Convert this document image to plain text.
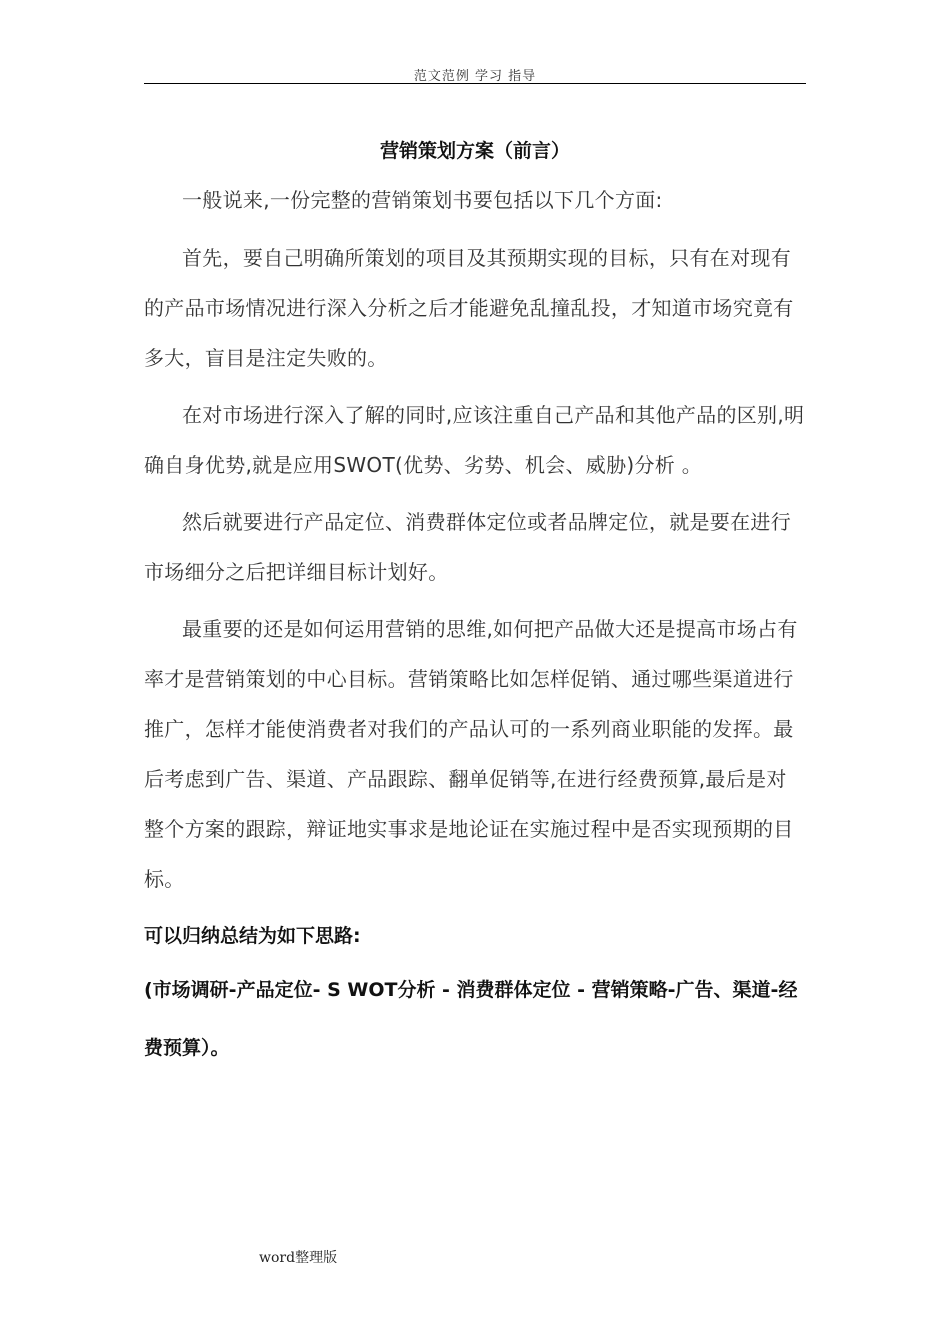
范文范例 学习 指导
营销策划方案（前言）

一般说来,一份完整的营销策划书要包括以下几个方面:

首先，要自己明确所策划的项目及其预期实现的目标，只有在对现有的产品市场情况进行深入分析之后才能避免乱撞乱投，才知道市场究竟有多大，盲目是注定失败的。

在对市场进行深入了解的同时,应该注重自己产品和其他产品的区别,明确自身优势,就是应用SWOT(优势、劣势、机会、威胁)分析 。

然后就要进行产品定位、消费群体定位或者品牌定位，就是要在进行市场细分之后把详细目标计划好。

最重要的还是如何运用营销的思维,如何把产品做大还是提高市场占有率才是营销策划的中心目标。营销策略比如怎样促销、通过哪些渠道进行推广，怎样才能使消费者对我们的产品认可的一系列商业职能的发挥。最后考虑到广告、渠道、产品跟踪、翻单促销等,在进行经费预算,最后是对整个方案的跟踪，辩证地实事求是地论证在实施过程中是否实现预期的目标。

可以归纳总结为如下思路:

(市场调研-产品定位- S WOT分析 - 消费群体定位 - 营销策略-广告、渠道-经费预算）。

word整理版
